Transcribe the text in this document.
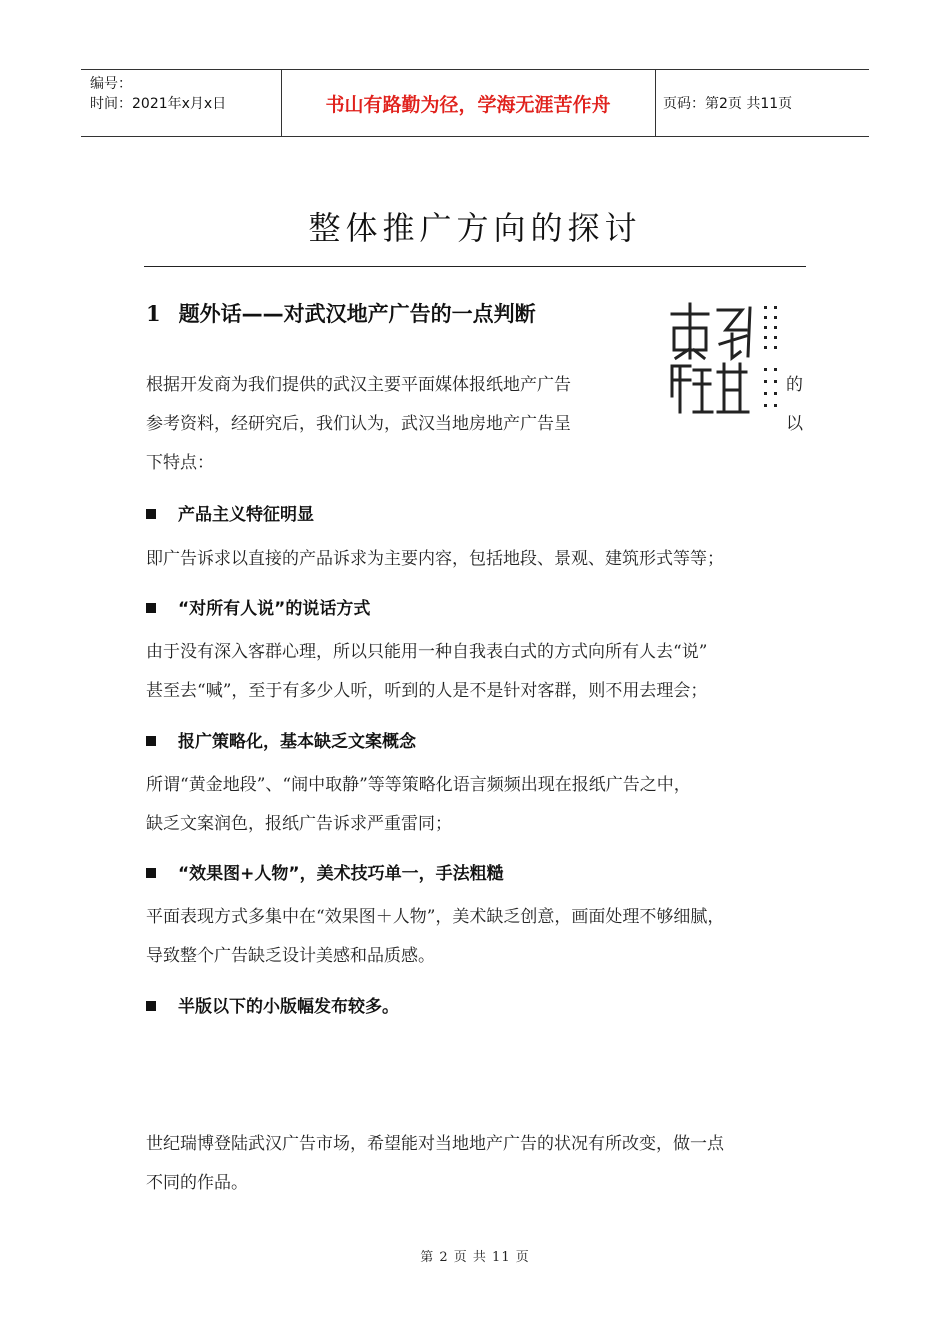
编号：
时间：2021年x月x日	书山有路勤为径，学海无涯苦作舟	页码：第2页 共11页
整体推广方向的探讨
1 题外话——对武汉地产广告的一点判断
根据开发商为我们提供的武汉主要平面媒体报纸地产广告	的
参考资料，经研究后，我们认为，武汉当地房地产广告呈	以
下特点：
产品主义特征明显
即广告诉求以直接的产品诉求为主要内容，包括地段、景观、建筑形式等等；
“对所有人说”的说话方式
由于没有深入客群心理，所以只能用一种自我表白式的方式向所有人去“说”
甚至去“喊”，至于有多少人听，听到的人是不是针对客群，则不用去理会；
报广策略化，基本缺乏文案概念
所谓“黄金地段”、“闹中取静”等等策略化语言频频出现在报纸广告之中，
缺乏文案润色，报纸广告诉求严重雷同；
“效果图+人物”，美术技巧单一，手法粗糙
平面表现方式多集中在“效果图＋人物”，美术缺乏创意，画面处理不够细腻，
导致整个广告缺乏设计美感和品质感。
半版以下的小版幅发布较多。
世纪瑞博登陆武汉广告市场，希望能对当地地产广告的状况有所改变，做一点
不同的作品。
第 2 页 共 11 页
